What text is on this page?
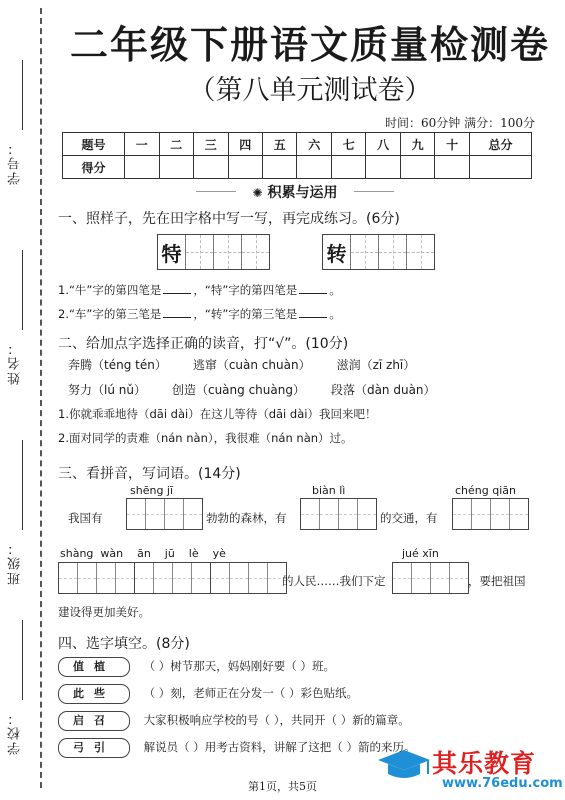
学号：
姓名：
班级：
学校：
二年级下册语文质量检测卷
（第八单元测试卷）
时间：60分钟 满分：100分
题号	一	二	三	四	五	六	七	八	九	十	总分
得分											
✺ 积累与运用
一、照样子，先在田字格中写一写，再完成练习。(6分)
特	转
1.“牛”字的第四笔是	，“特”字的第四笔是	。
2.“车”字的第三笔是	，“转”字的第三笔是	。
二、给加点字选择正确的读音，打“√”。(10分)
奔腾（téng tén） 逃窜（cuàn chuàn） 滋润（zī zhī）
努力（lú nǔ） 创造（cuàng chuàng） 段落（dàn duàn）
1.你就乖乖地待（dāi dài）在这儿等待（dāi dài）我回来吧！
2.面对同学的责难（nán nàn），我很难（nán nàn）过。
三、看拼音，写词语。(14分)
shēng jī	biàn lì	chéng qiān
我国有	勃勃的森林，有	的交通，有
shàng  wàn    ān    jū    lè    yè	jué xīn
的人民……我们下定	，要把祖国
建设得更加美好。
四、选字填空。(8分)
值植 （ ）树节那天，妈妈刚好要（ ）班。
此些 （ ）刻，老师正在分发一（ ）彩色贴纸。
启召 大家积极响应学校的号（ ），共同开（ ）新的篇章。
弓引 解说员（ ）用考古资料，讲解了这把（ ）箭的来历。
第1页，共5页
其乐教育
www.76edu.com
